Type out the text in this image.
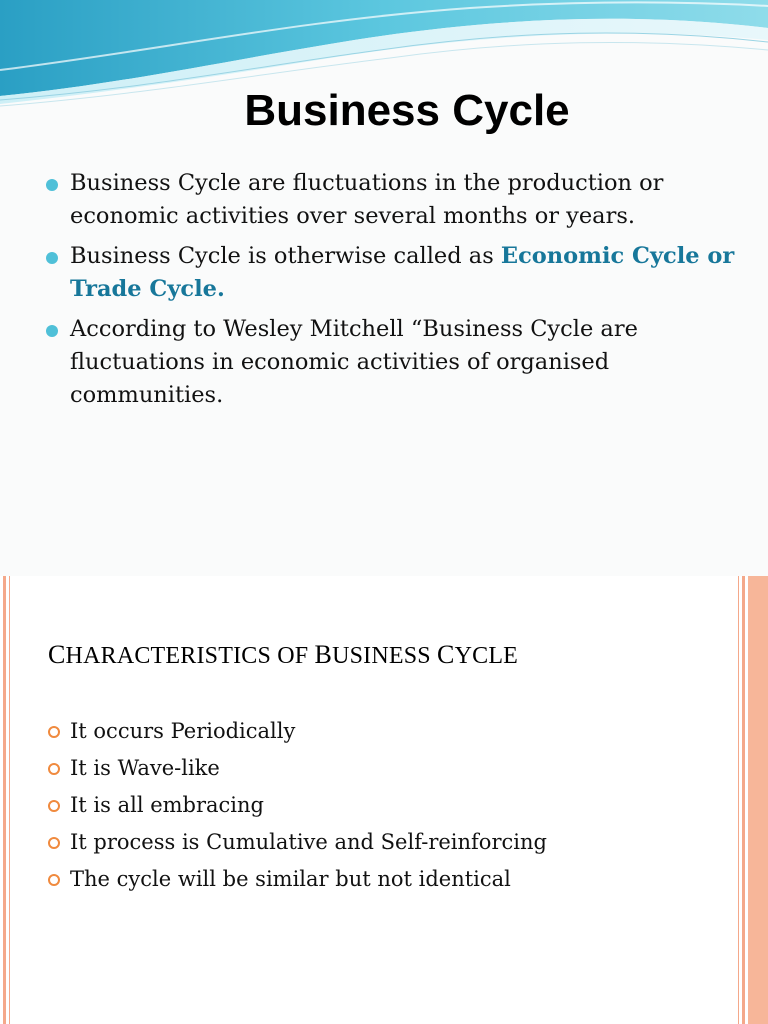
Business Cycle
Business Cycle are fluctuations in the production or economic activities over several months or years.
Business Cycle is otherwise called as Economic Cycle or Trade Cycle.
According to Wesley Mitchell “Business Cycle are fluctuations in economic activities of organised communities.
CHARACTERISTICS OF BUSINESS CYCLE
It occurs Periodically
It is Wave-like
It is all embracing
It process is Cumulative and Self-reinforcing
The cycle will be similar but not identical
